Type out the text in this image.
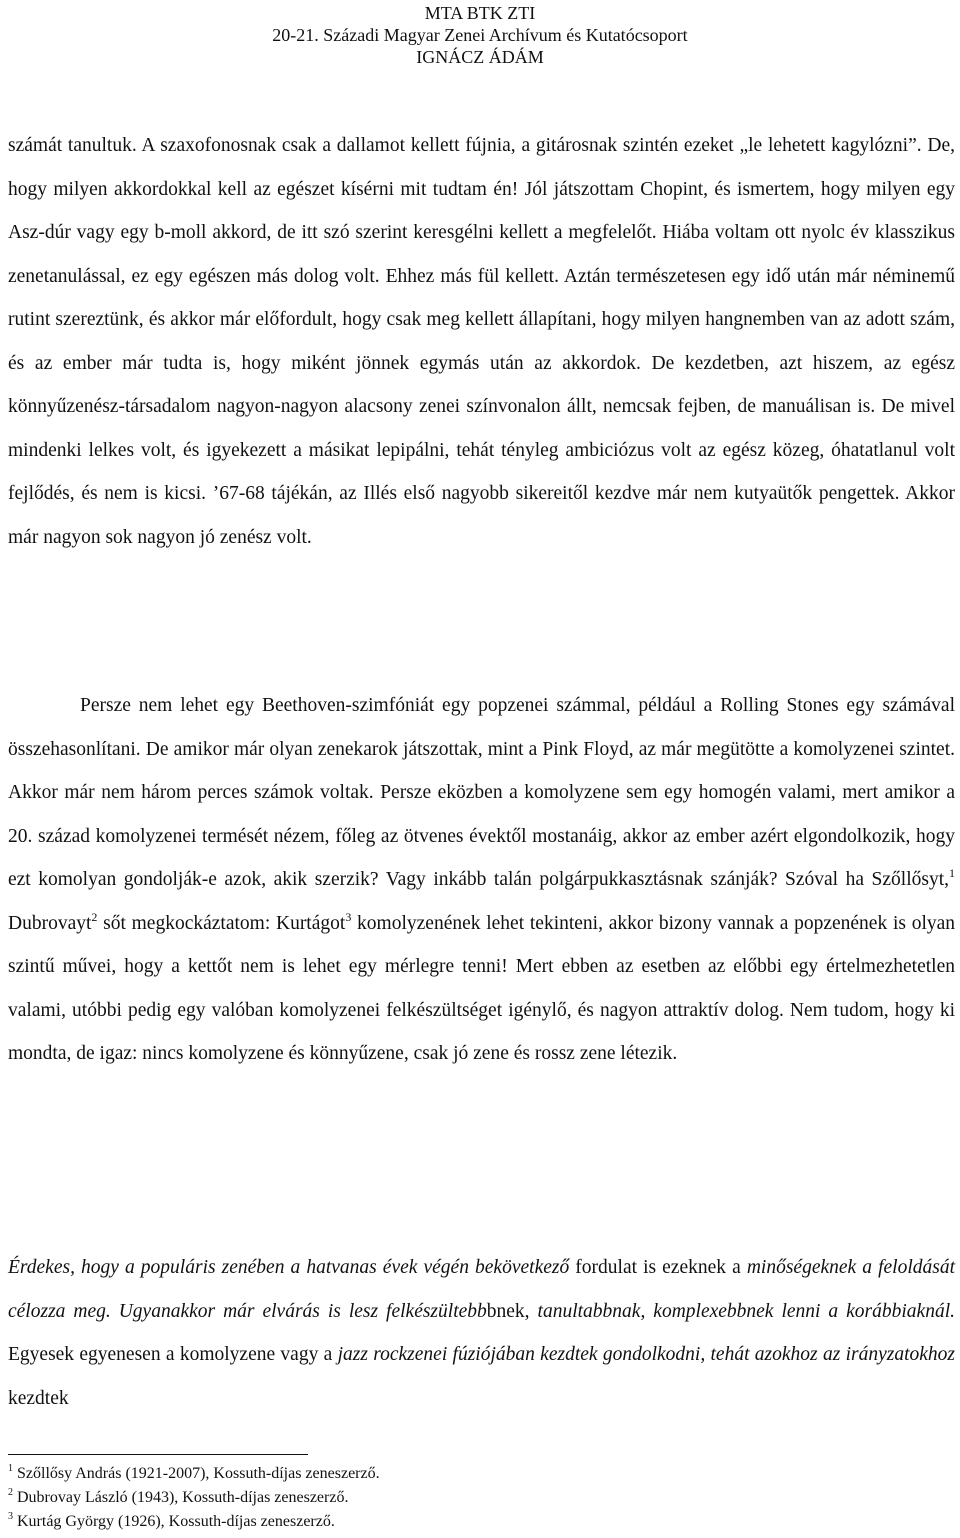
MTA BTK ZTI
20-21. Századi Magyar Zenei Archívum és Kutatócsoport
IGNÁCZ ÁDÁM

számát tanultuk. A szaxofonosnak csak a dallamot kellett fújnia, a gitárosnak szintén ezeket „le lehetett kagylózni”. De, hogy milyen akkordokkal kell az egészet kísérni mit tudtam én! Jól játszottam Chopint, és ismertem, hogy milyen egy Asz-dúr vagy egy b-moll akkord, de itt szó szerint keresgélni kellett a megfelelőt. Hiába voltam ott nyolc év klasszikus zenetanulással, ez egy egészen más dolog volt. Ehhez más fül kellett. Aztán természetesen egy idő után már néminemű rutint szereztünk, és akkor már előfordult, hogy csak meg kellett állapítani, hogy milyen hangnemben van az adott szám, és az ember már tudta is, hogy miként jönnek egymás után az akkordok. De kezdetben, azt hiszem, az egész könnyűzenész-társadalom nagyon-nagyon alacsony zenei színvonalon állt, nemcsak fejben, de manuálisan is. De mivel mindenki lelkes volt, és igyekezett a másikat lepipálni, tehát tényleg ambiciózus volt az egész közeg, óhatatlanul volt fejlődés, és nem is kicsi. ’67-68 tájékán, az Illés első nagyobb sikereitől kezdve már nem kutyaütők pengettek. Akkor már nagyon sok nagyon jó zenész volt.

Persze nem lehet egy Beethoven-szimfóniát egy popzenei számmal, például a Rolling Stones egy számával összehasonlítani. De amikor már olyan zenekarok játszottak, mint a Pink Floyd, az már megütötte a komolyzenei szintet. Akkor már nem három perces számok voltak. Persze eközben a komolyzene sem egy homogén valami, mert amikor a 20. század komolyzenei termését nézem, főleg az ötvenes évektől mostanáig, akkor az ember azért elgondolkozik, hogy ezt komolyan gondolják-e azok, akik szerzik? Vagy inkább talán polgárpukkasztásnak szánják? Szóval ha Szőllősyt,$^1$ Dubrovayt$^2$ sőt megkockáztatom: Kurtágot$^3$ komolyzenének lehet tekinteni, akkor bizony vannak a popzenének is olyan szintű művei, hogy a kettőt nem is lehet egy mérlegre tenni! Mert ebben az esetben az előbbi egy értelmezhetetlen valami, utóbbi pedig egy valóban komolyzenei felkészültséget igénylő, és nagyon attraktív dolog. Nem tudom, hogy ki mondta, de igaz: nincs komolyzene és könnyűzene, csak jó zene és rossz zene létezik.

Érdekes, hogy a populáris zenében a hatvanas évek végén bekövetkező fordulat is ezeknek a minőségeknek a feloldását célozza meg. Ugyanakkor már elvárás is lesz felkészültebbbnek, tanultabbnak, komplexebbnek lenni a korábbiaknál. Egyesek egyenesen a komolyzene vagy a jazz rockzenei fúziójában kezdtek gondolkodni, tehát azokhoz az irányzatokhoz kezdtek

$^1$ Szőllősy András (1921-2007), Kossuth-díjas zeneszerző.
$^2$ Dubrovay László (1943), Kossuth-díjas zeneszerző.
$^3$ Kurtág György (1926), Kossuth-díjas zeneszerző.
